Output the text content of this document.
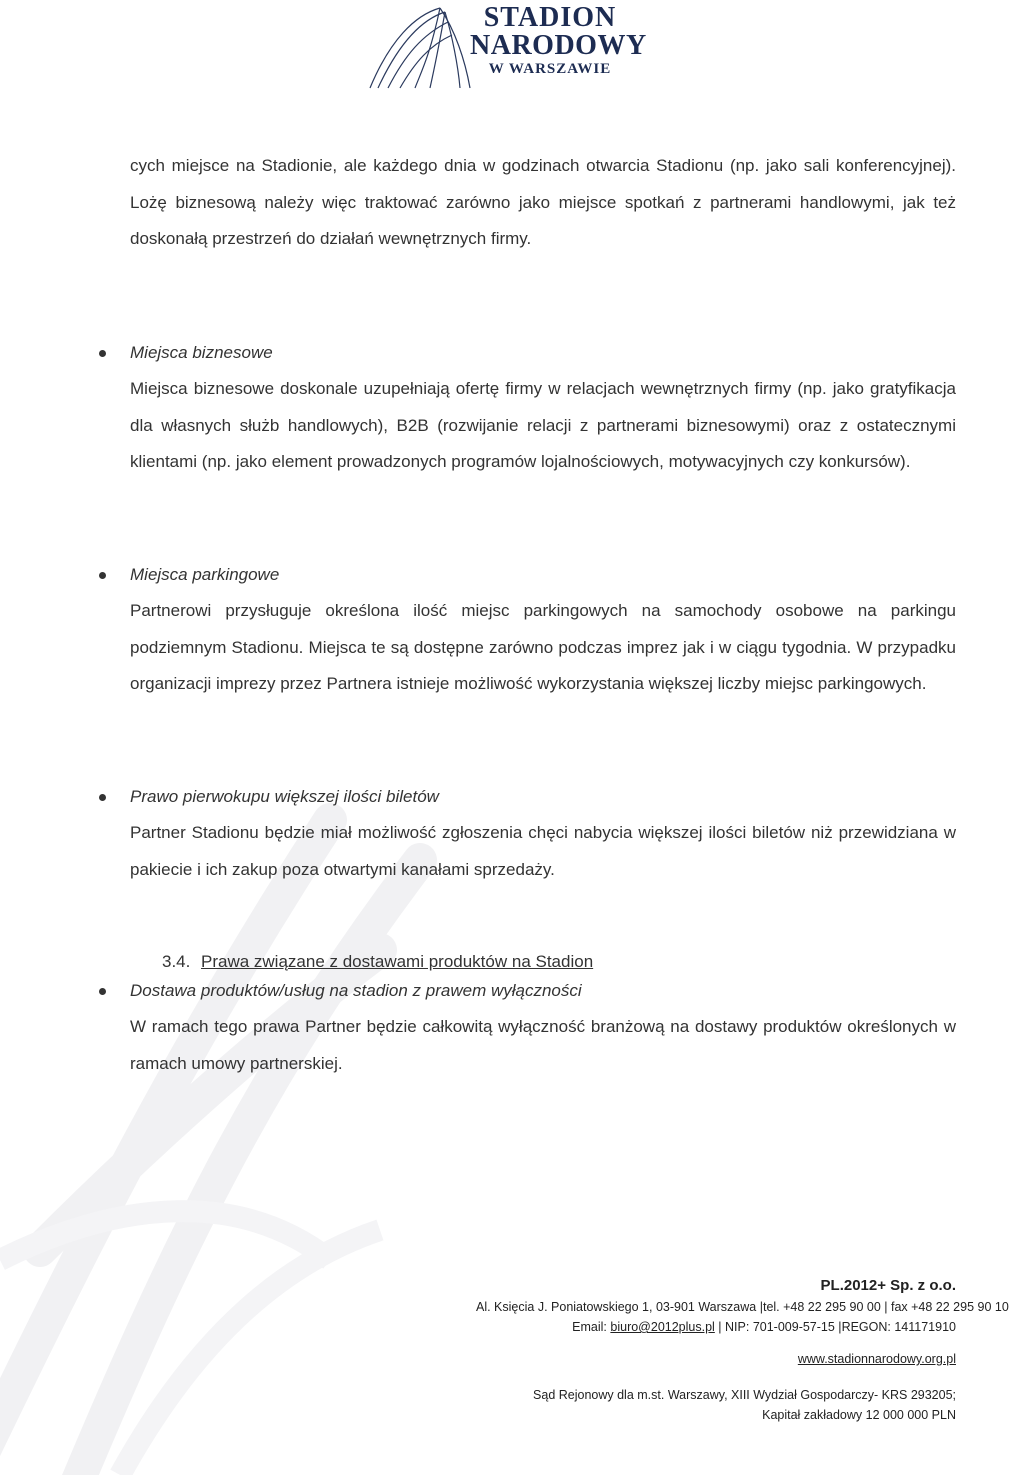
STADION
NARODOWY
W WARSZAWIE

cych miejsce na Stadionie, ale każdego dnia w godzinach otwarcia Stadionu (np. jako sali konferencyjnej). Lożę biznesową należy więc traktować zarówno jako miejsce spotkań z partnerami handlowymi, jak też doskonałą przestrzeń do działań wewnętrznych firmy.

Miejsca biznesowe

Miejsca biznesowe doskonale uzupełniają ofertę firmy w relacjach wewnętrznych firmy (np. jako gratyfikacja dla własnych służb handlowych), B2B (rozwijanie relacji z partnerami biznesowymi) oraz z ostatecznymi klientami (np. jako element prowadzonych programów lojalnościowych, motywacyjnych czy konkursów).

Miejsca parkingowe

Partnerowi przysługuje określona ilość miejsc parkingowych na samochody osobowe na parkingu podziemnym Stadionu. Miejsca te są dostępne zarówno podczas imprez jak i w ciągu tygodnia. W przypadku organizacji imprezy przez Partnera istnieje możliwość wykorzystania większej liczby miejsc parkingowych.

Prawo pierwokupu większej ilości biletów

Partner Stadionu będzie miał możliwość zgłoszenia chęci nabycia większej ilości biletów niż przewidziana w pakiecie i ich zakup poza otwartymi kanałami sprzedaży.

3.4. Prawa związane z dostawami produktów na Stadion

Dostawa produktów/usług na stadion z prawem wyłączności

W ramach tego prawa Partner będzie całkowitą wyłączność branżową na dostawy produktów określonych w ramach umowy partnerskiej.

PL.2012+ Sp. z o.o.
Al. Księcia J. Poniatowskiego 1, 03-901 Warszawa |tel. +48 22 295 90 00 | fax +48 22 295 90 10
Email: biuro@2012plus.pl | NIP: 701-009-57-15 |REGON: 141171910
www.stadionnarodowy.org.pl
Sąd Rejonowy dla m.st. Warszawy, XIII Wydział Gospodarczy- KRS 293205;
Kapitał zakładowy 12 000 000 PLN
